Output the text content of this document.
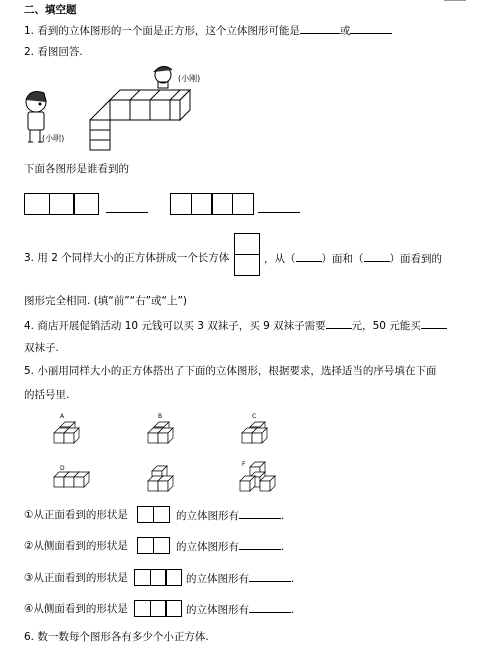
二、填空题
1. 看到的立体图形的一个面是正方形，这个立体图形可能是	或
2. 看图回答.
(小刚)
(小明)
下面各图形是谁看到的
3. 用 2 个同样大小的正方体拼成一个长方体	，从（ ）面和（ ）面看到的
图形完全相同. (填“前”“右”或“上”)
4. 商店开展促销活动 10 元钱可以买 3 双袜子，买 9 双袜子需要 元，50 元能买
双袜子.
5. 小丽用同样大小的正方体搭出了下面的立体图形，根据要求，选择适当的序号填在下面
的括号里.
A	B	C
D
F
①从正面看到的形状是	的立体图形有	.
②从侧面看到的形状是	的立体图形有	.
③从正面看到的形状是	的立体图形有	.
④从侧面看到的形状是	的立体图形有	.
6. 数一数每个图形各有多少个小正方体.
